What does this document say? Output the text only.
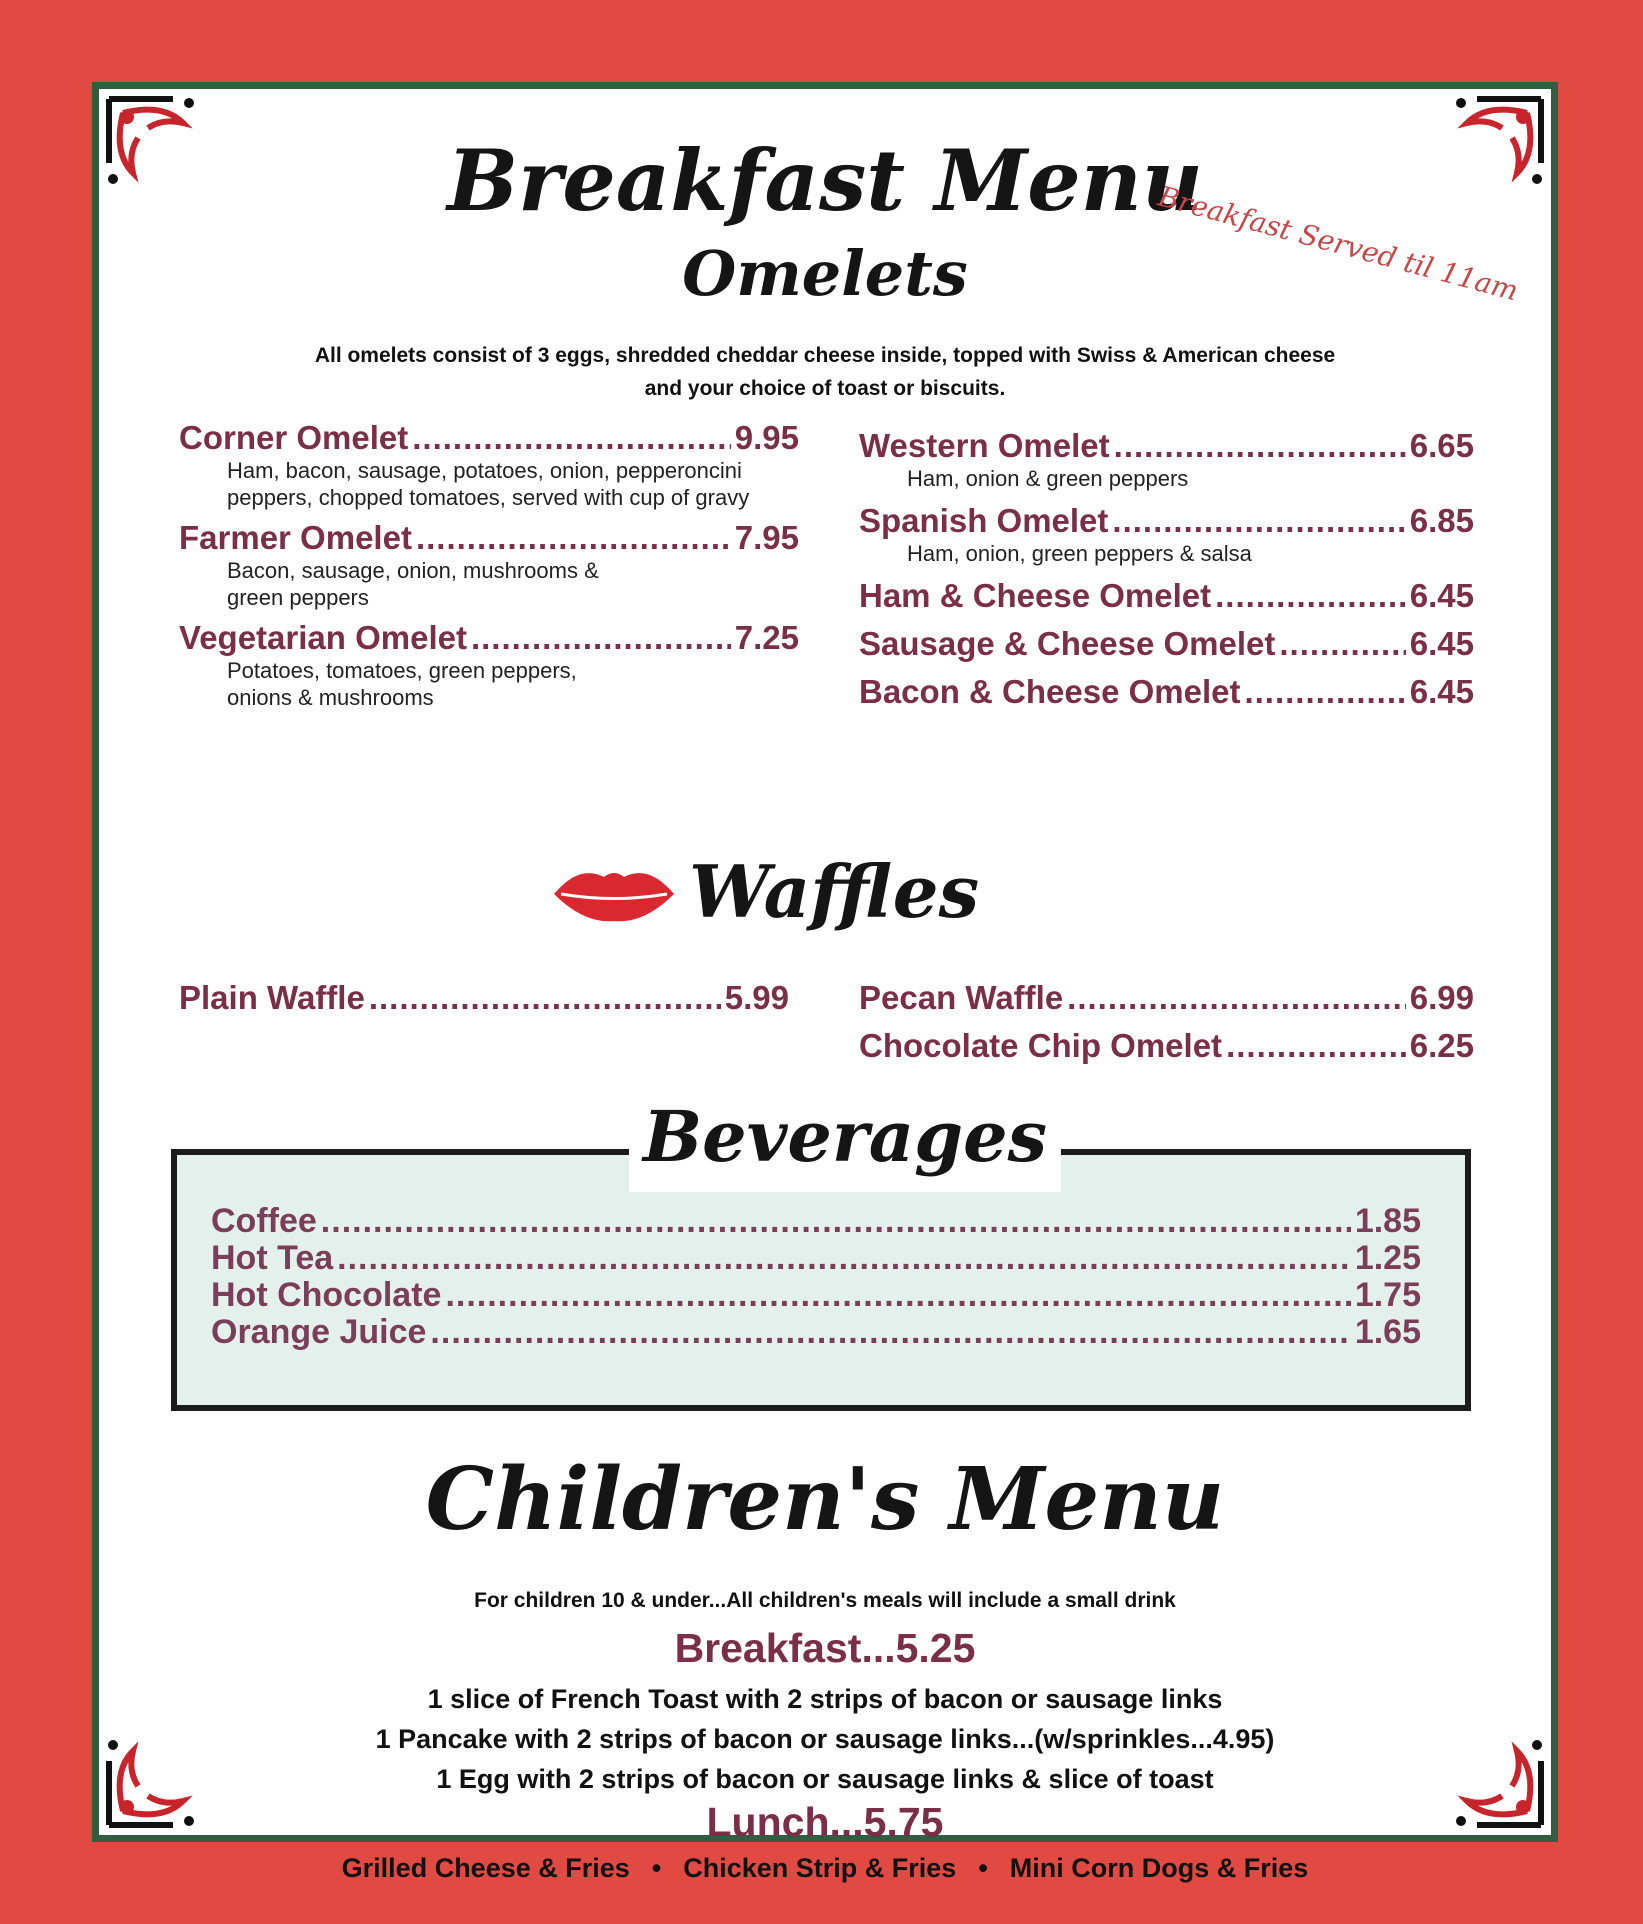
Breakfast Menu
Breakfast Served til 11am
Omelets
All omelets consist of 3 eggs, shredded cheddar cheese inside, topped with Swiss & American cheese
and your choice of toast or biscuits.
Corner Omelet .....	9.95
Ham, bacon, sausage, potatoes, onion, pepperoncini
peppers, chopped tomatoes, served with cup of gravy
Farmer Omelet .....	7.95
Bacon, sausage, onion, mushrooms &
green peppers
Vegetarian Omelet .....	7.25
Potatoes, tomatoes, green peppers,
onions & mushrooms
Western Omelet .....	6.65
Ham, onion & green peppers
Spanish Omelet .....	6.85
Ham, onion, green peppers & salsa
Ham & Cheese Omelet .....	6.45
Sausage & Cheese Omelet .....	6.45
Bacon & Cheese Omelet .....	6.45
Waffles
Plain Waffle .....	5.99 Pecan Waffle .....	6.99
Chocolate Chip Omelet .....	6.25
Beverages
Coffee .....	1.85
Hot Tea .....	1.25
Hot Chocolate .....	1.75
Orange Juice .....	1.65
Children's Menu
For children 10 & under...All children's meals will include a small drink
Breakfast...5.25
1 slice of French Toast with 2 strips of bacon or sausage links
1 Pancake with 2 strips of bacon or sausage links...(w/sprinkles...4.95)
1 Egg with 2 strips of bacon or sausage links & slice of toast
Lunch...5.75
Grilled Cheese & Fries • Chicken Strip & Fries • Mini Corn Dogs & Fries
